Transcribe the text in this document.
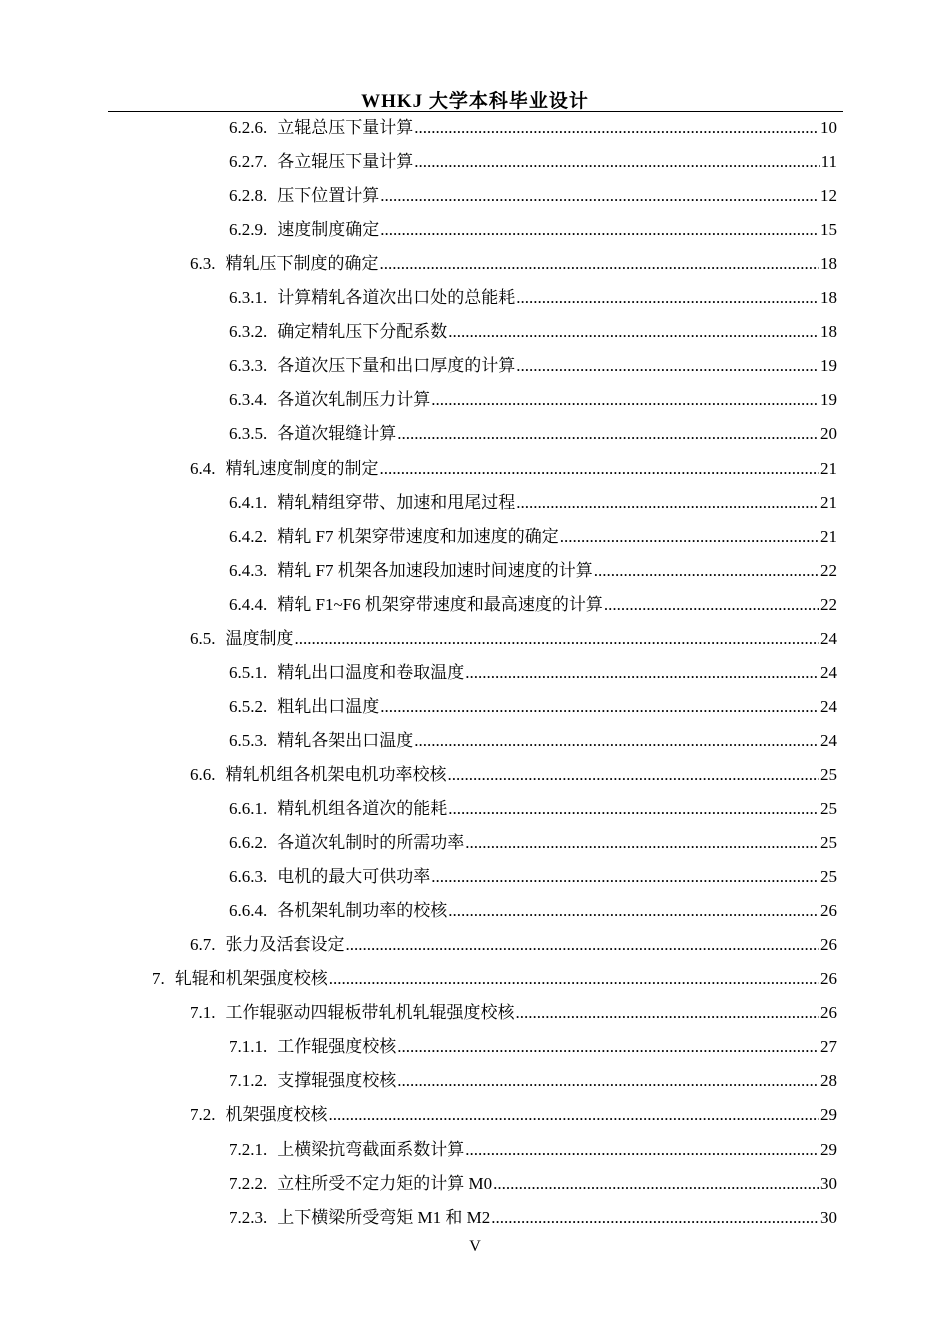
WHKJ 大学本科毕业设计
6.2.6. 立辊总压下量计算 .....	10
6.2.7. 各立辊压下量计算 .....	11
6.2.8. 压下位置计算 .....	12
6.2.9. 速度制度确定 .....	15
6.3. 精轧压下制度的确定 .....	18
6.3.1. 计算精轧各道次出口处的总能耗 .....	18
6.3.2. 确定精轧压下分配系数 .....	18
6.3.3. 各道次压下量和出口厚度的计算 .....	19
6.3.4. 各道次轧制压力计算 .....	19
6.3.5. 各道次辊缝计算 .....	20
6.4. 精轧速度制度的制定 .....	21
6.4.1. 精轧精组穿带、加速和甩尾过程 .....	21
6.4.2. 精轧 F7 机架穿带速度和加速度的确定 .....	21
6.4.3. 精轧 F7 机架各加速段加速时间速度的计算 .....	22
6.4.4. 精轧 F1~F6 机架穿带速度和最高速度的计算 .....	22
6.5. 温度制度 .....	24
6.5.1. 精轧出口温度和卷取温度 .....	24
6.5.2. 粗轧出口温度 .....	24
6.5.3. 精轧各架出口温度 .....	24
6.6. 精轧机组各机架电机功率校核 .....	25
6.6.1. 精轧机组各道次的能耗 .....	25
6.6.2. 各道次轧制时的所需功率 .....	25
6.6.3. 电机的最大可供功率 .....	25
6.6.4. 各机架轧制功率的校核 .....	26
6.7. 张力及活套设定 .....	26
7. 轧辊和机架强度校核 .....	26
7.1. 工作辊驱动四辊板带轧机轧辊强度校核 .....	26
7.1.1. 工作辊强度校核 .....	27
7.1.2. 支撑辊强度校核 .....	28
7.2. 机架强度校核 .....	29
7.2.1. 上横梁抗弯截面系数计算 .....	29
7.2.2. 立柱所受不定力矩的计算 M0 .....	30
7.2.3. 上下横梁所受弯矩 M1 和 M2 .....	30
V
